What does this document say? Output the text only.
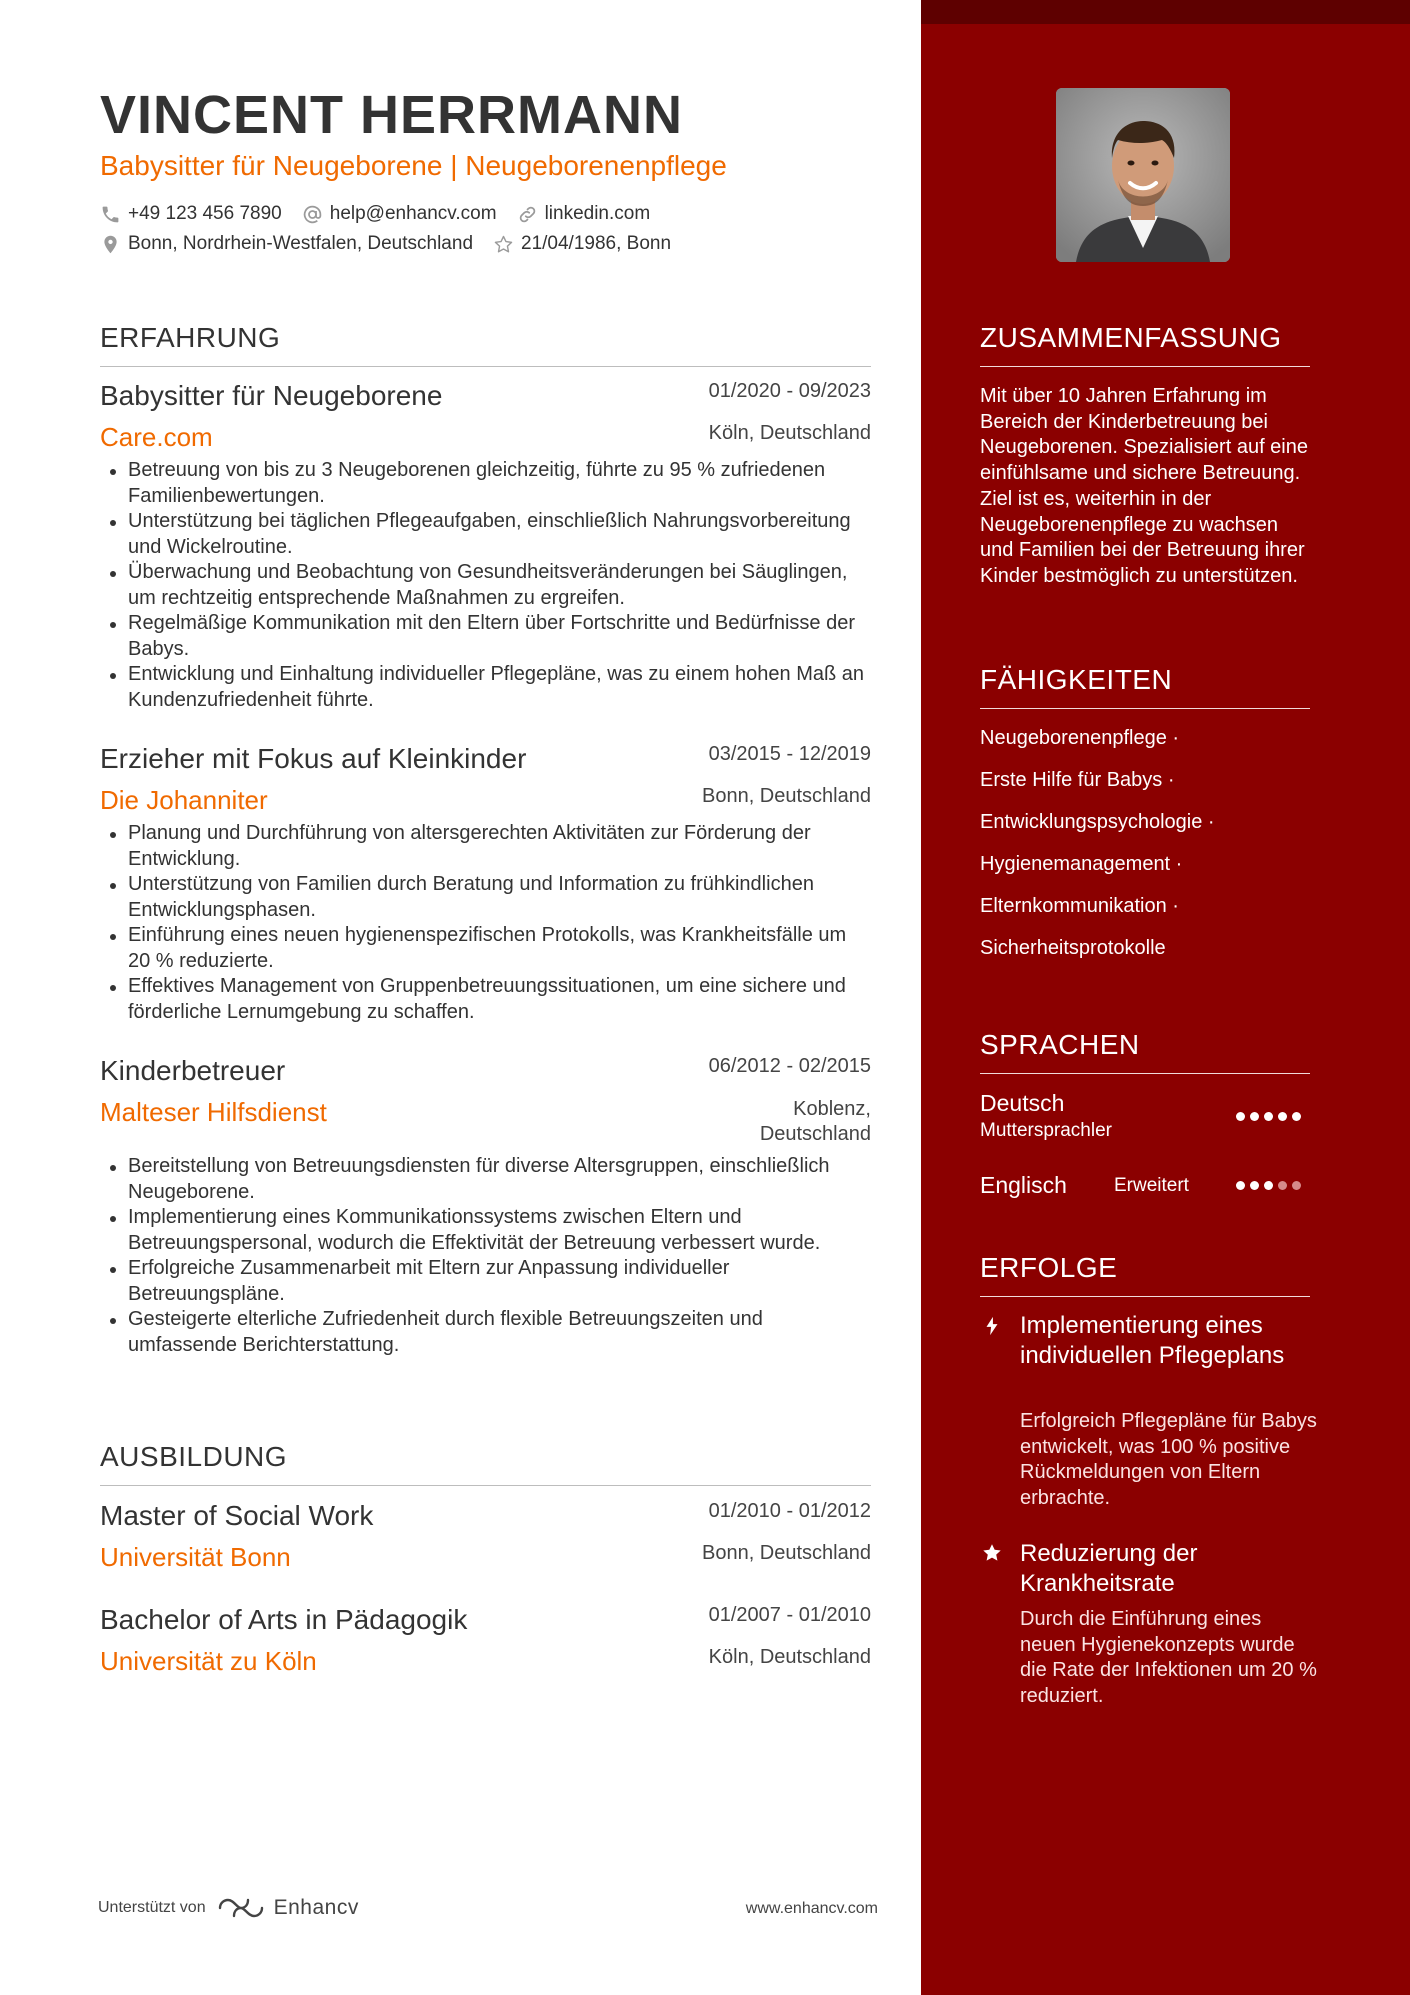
VINCENT HERRMANN
Babysitter für Neugeborene | Neugeborenenpflege
+49 123 456 7890	help@enhancv.com	linkedin.com
Bonn, Nordrhein-Westfalen, Deutschland	21/04/1986, Bonn
ERFAHRUNG
Babysitter für Neugeborene	01/2020 - 09/2023
Care.com	Köln, Deutschland
Betreuung von bis zu 3 Neugeborenen gleichzeitig, führte zu 95 % zufriedenen Familienbewertungen.
Unterstützung bei täglichen Pflegeaufgaben, einschließlich Nahrungsvorbereitung und Wickelroutine.
Überwachung und Beobachtung von Gesundheitsveränderungen bei Säuglingen, um rechtzeitig entsprechende Maßnahmen zu ergreifen.
Regelmäßige Kommunikation mit den Eltern über Fortschritte und Bedürfnisse der Babys.
Entwicklung und Einhaltung individueller Pflegepläne, was zu einem hohen Maß an Kundenzufriedenheit führte.
Erzieher mit Fokus auf Kleinkinder	03/2015 - 12/2019
Die Johanniter	Bonn, Deutschland
Planung und Durchführung von altersgerechten Aktivitäten zur Förderung der Entwicklung.
Unterstützung von Familien durch Beratung und Information zu frühkindlichen Entwicklungsphasen.
Einführung eines neuen hygienenspezifischen Protokolls, was Krankheitsfälle um 20 % reduzierte.
Effektives Management von Gruppenbetreuungssituationen, um eine sichere und förderliche Lernumgebung zu schaffen.
Kinderbetreuer	06/2012 - 02/2015
Malteser Hilfsdienst	Koblenz, Deutschland
Bereitstellung von Betreuungsdiensten für diverse Altersgruppen, einschließlich Neugeborene.
Implementierung eines Kommunikationssystems zwischen Eltern und Betreuungspersonal, wodurch die Effektivität der Betreuung verbessert wurde.
Erfolgreiche Zusammenarbeit mit Eltern zur Anpassung individueller Betreuungspläne.
Gesteigerte elterliche Zufriedenheit durch flexible Betreuungszeiten und umfassende Berichterstattung.
AUSBILDUNG
Master of Social Work	01/2010 - 01/2012
Universität Bonn	Bonn, Deutschland
Bachelor of Arts in Pädagogik	01/2007 - 01/2010
Universität zu Köln	Köln, Deutschland
Unterstützt von	Enhancv	www.enhancv.com
ZUSAMMENFASSUNG
Mit über 10 Jahren Erfahrung im Bereich der Kinderbetreuung bei Neugeborenen. Spezialisiert auf eine einfühlsame und sichere Betreuung. Ziel ist es, weiterhin in der Neugeborenenpflege zu wachsen und Familien bei der Betreuung ihrer Kinder bestmöglich zu unterstützen.
FÄHIGKEITEN
Neugeborenenpflege ·
Erste Hilfe für Babys ·
Entwicklungspsychologie ·
Hygienemanagement ·
Elternkommunikation ·
Sicherheitsprotokolle
SPRACHEN
Deutsch
Muttersprachler
Englisch Erweitert
ERFOLGE
Implementierung eines individuellen Pflegeplans
Erfolgreich Pflegepläne für Babys entwickelt, was 100 % positive Rückmeldungen von Eltern erbrachte.
Reduzierung der Krankheitsrate
Durch die Einführung eines neuen Hygienekonzepts wurde die Rate der Infektionen um 20 % reduziert.
